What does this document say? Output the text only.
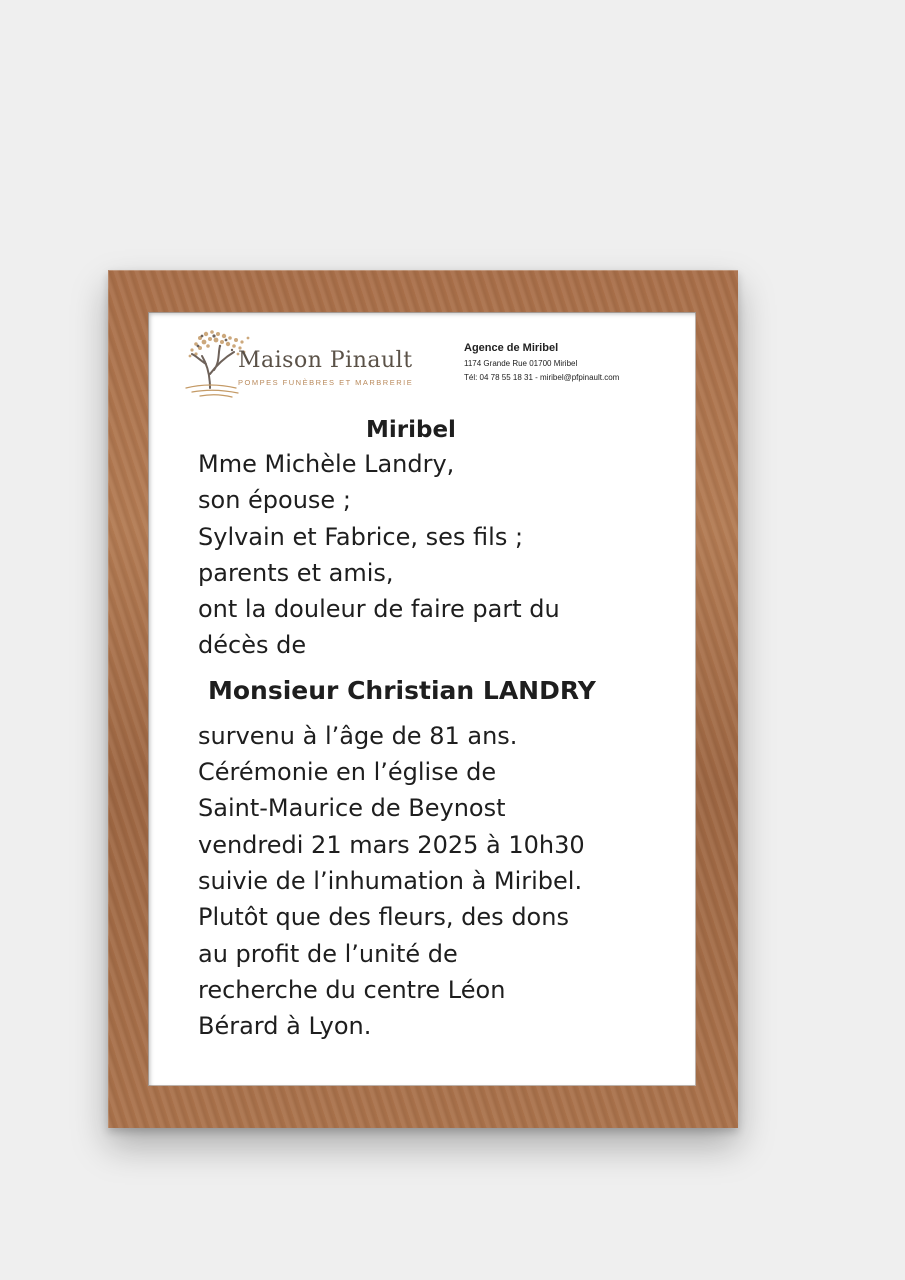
Maison Pinault
POMPES FUNÈBRES ET MARBRERIE
Agence de Miribel
1174 Grande Rue 01700 Miribel
Tél: 04 78 55 18 31 - miribel@pfpinault.com
Miribel
Mme Michèle Landry,
son épouse ;
Sylvain et Fabrice, ses fils ;
parents et amis,
ont la douleur de faire part du
décès de
Monsieur Christian LANDRY
survenu à l’âge de 81 ans.
Cérémonie en l’église de
Saint-Maurice de Beynost
vendredi 21 mars 2025 à 10h30
suivie de l’inhumation à Miribel.
Plutôt que des fleurs, des dons
au profit de l’unité de
recherche du centre Léon
Bérard à Lyon.
